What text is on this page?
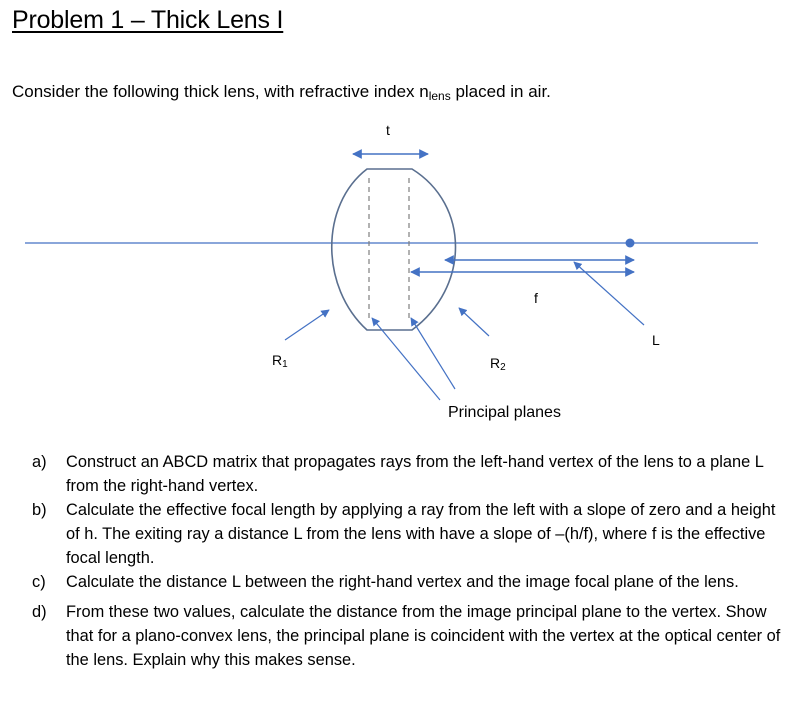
Problem 1 – Thick Lens I
Consider the following thick lens, with refractive index nlens placed in air.
t
f
L
R1	R2
Principal planes
a) Construct an ABCD matrix that propagates rays from the left-hand vertex of the lens to a plane L from the right-hand vertex.
b) Calculate the effective focal length by applying a ray from the left with a slope of zero and a height of h. The exiting ray a distance L from the lens with have a slope of –(h/f), where f is the effective focal length.
c) Calculate the distance L between the right-hand vertex and the image focal plane of the lens.
d) From these two values, calculate the distance from the image principal plane to the vertex. Show that for a plano-convex lens, the principal plane is coincident with the vertex at the optical center of the lens. Explain why this makes sense.
